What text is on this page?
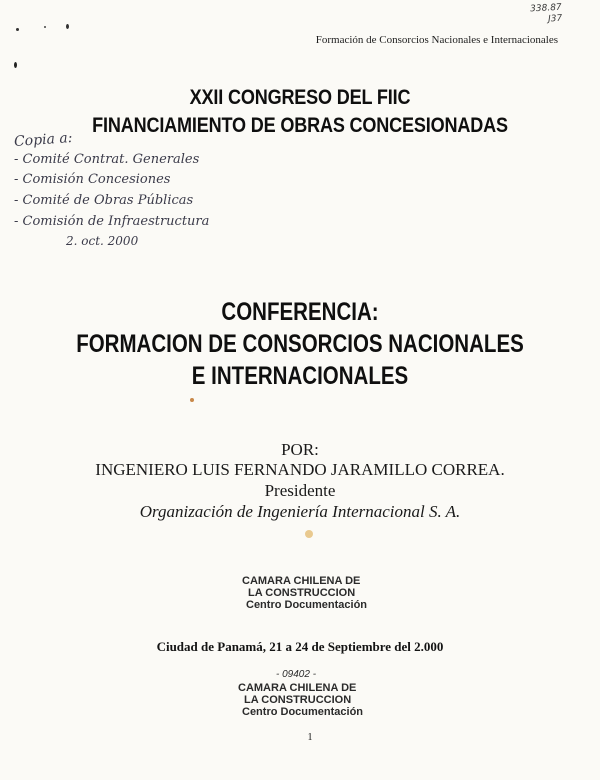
338.87
J37
Formación de Consorcios Nacionales e Internacionales
XXII CONGRESO DEL FIIC
FINANCIAMIENTO DE OBRAS CONCESIONADAS
Copia a:
- Comité Contrat. Generales
- Comisión Concesiones
- Comité de Obras Públicas
- Comisión de Infraestructura
2. oct. 2000
CONFERENCIA:
FORMACION DE CONSORCIOS NACIONALES
E INTERNACIONALES
POR:
INGENIERO LUIS FERNANDO JARAMILLO CORREA.
Presidente
Organización de Ingeniería Internacional S. A.
CAMARA CHILENA DE
LA CONSTRUCCION
Centro Documentación
Ciudad de Panamá, 21 a 24 de Septiembre del 2.000
- 09402 -
CAMARA CHILENA DE
LA CONSTRUCCION
Centro Documentación
1
